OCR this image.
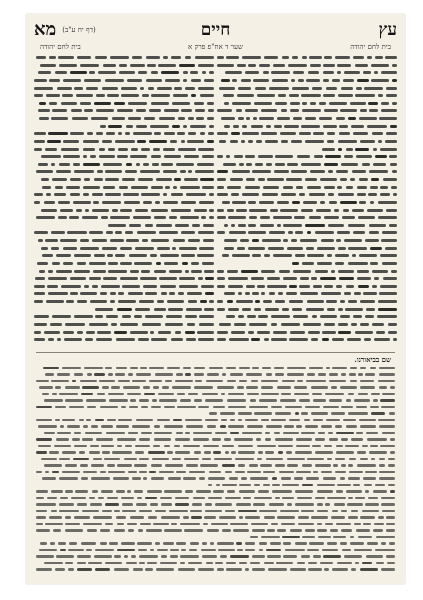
עץ
חיים
(דף יח ע"ב)
מא
בית לחם יהודה
שער ד אח"פ פרק א
בית לחם יהודה
שם בביאורנו.
